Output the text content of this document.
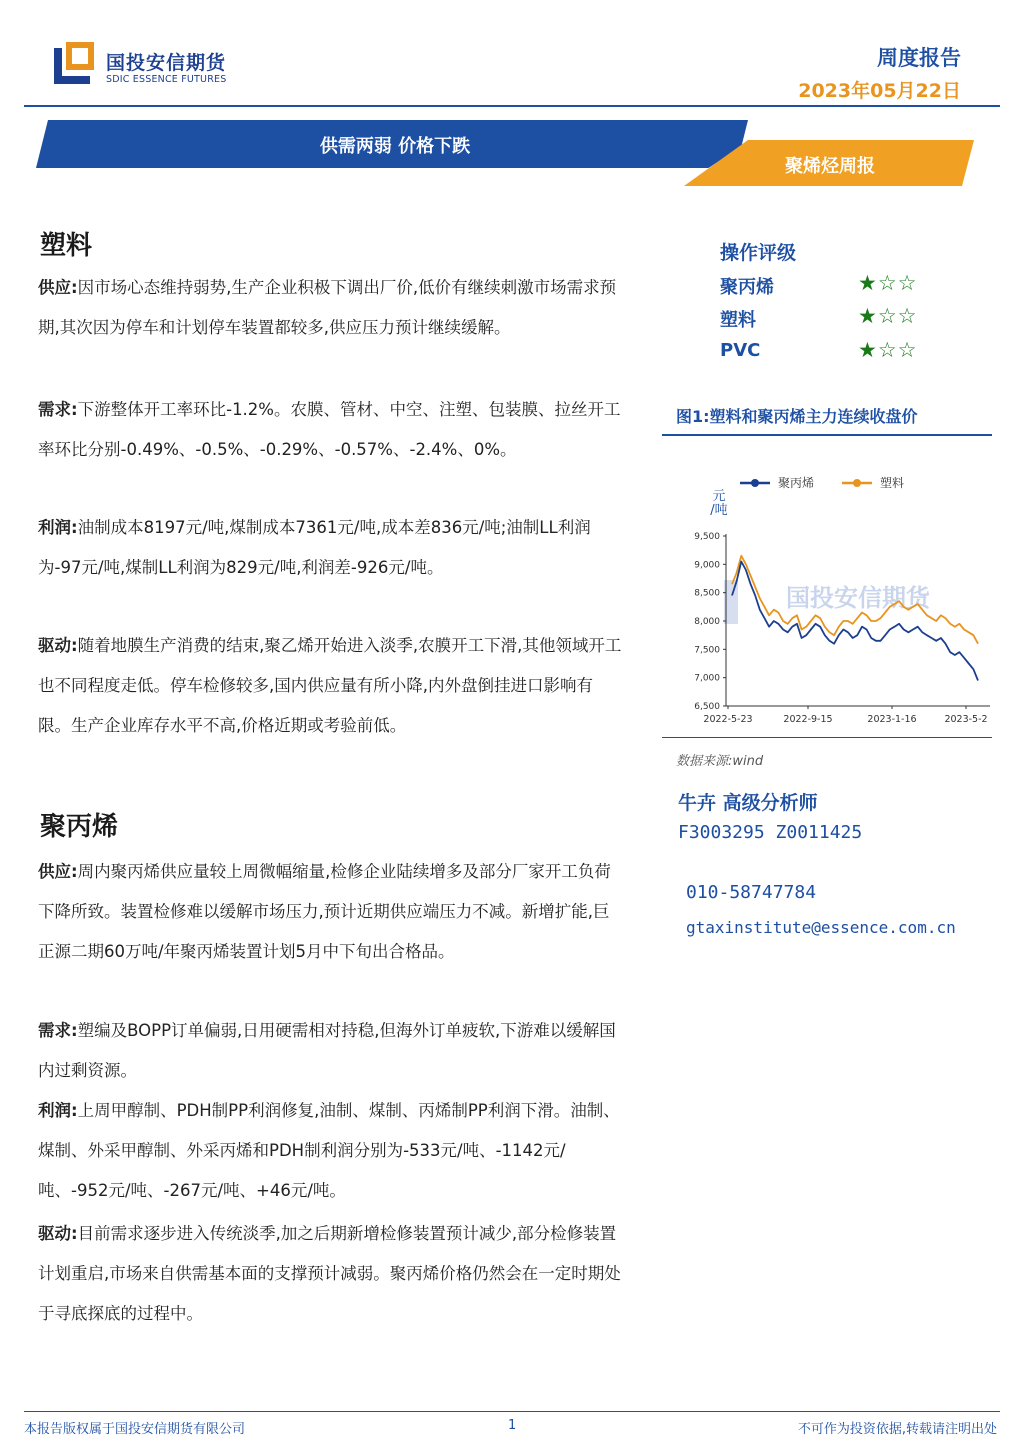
国投安信期货
SDIC ESSENCE FUTURES
周度报告
2023年05月22日
供需两弱 价格下跌
聚烯烃周报
塑料
供应:因市场心态维持弱势,生产企业积极下调出厂价,低价有继续刺激市场需求预期,其次因为停车和计划停车装置都较多,供应压力预计继续缓解。
需求:下游整体开工率环比-1.2%。农膜、管材、中空、注塑、包装膜、拉丝开工率环比分别-0.49%、-0.5%、-0.29%、-0.57%、-2.4%、0%。
利润:油制成本8197元/吨,煤制成本7361元/吨,成本差836元/吨;油制LL利润为-97元/吨,煤制LL利润为829元/吨,利润差-926元/吨。
驱动:随着地膜生产消费的结束,聚乙烯开始进入淡季,农膜开工下滑,其他领域开工也不同程度走低。停车检修较多,国内供应量有所小降,内外盘倒挂进口影响有限。生产企业库存水平不高,价格近期或考验前低。
聚丙烯
供应:周内聚丙烯供应量较上周微幅缩量,检修企业陆续增多及部分厂家开工负荷下降所致。装置检修难以缓解市场压力,预计近期供应端压力不减。新增扩能,巨正源二期60万吨/年聚丙烯装置计划5月中下旬出合格品。
需求:塑编及BOPP订单偏弱,日用硬需相对持稳,但海外订单疲软,下游难以缓解国内过剩资源。
利润:上周甲醇制、PDH制PP利润修复,油制、煤制、丙烯制PP利润下滑。油制、煤制、外采甲醇制、外采丙烯和PDH制利润分别为-533元/吨、-1142元/吨、-952元/吨、-267元/吨、+46元/吨。
驱动:目前需求逐步进入传统淡季,加之后期新增检修装置预计减少,部分检修装置计划重启,市场来自供需基本面的支撑预计减弱。聚丙烯价格仍然会在一定时期处于寻底探底的过程中。
操作评级
聚丙烯	★☆☆
塑料	★☆☆
PVC	★☆☆
图1:塑料和聚丙烯主力连续收盘价
国投安信期货
元
/吨
9,500
9,000
8,500
8,000
7,500
7,000
6,500
2022-5-23	2022-9-15	2023-1-16	2023-5-2
聚丙烯	塑料
数据来源:wind
牛卉 高级分析师
F3003295 Z0011425
010-58747784
gtaxinstitute@essence.com.cn
本报告版权属于国投安信期货有限公司	1	不可作为投资依据,转载请注明出处
